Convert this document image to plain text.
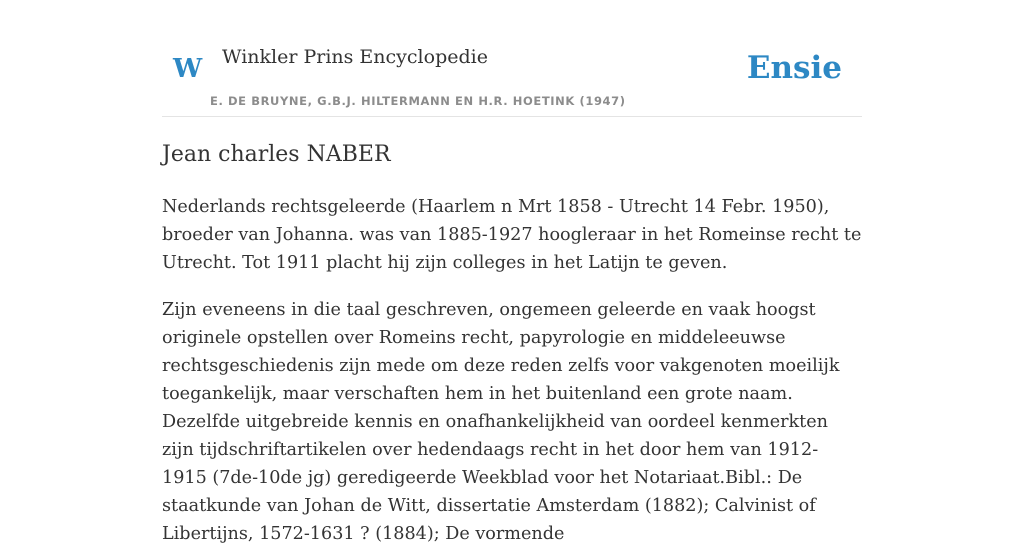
W Winkler Prins Encyclopedie
E. DE BRUYNE, G.B.J. HILTERMANN EN H.R. HOETINK (1947)
Ensie
Jean charles NABER

Nederlands rechtsgeleerde (Haarlem n Mrt 1858 - Utrecht 14 Febr. 1950), broeder van Johanna. was van 1885-1927 hoogleraar in het Romeinse recht te Utrecht. Tot 1911 placht hij zijn colleges in het Latijn te geven.

Zijn eveneens in die taal geschreven, ongemeen geleerde en vaak hoogst originele opstellen over Romeins recht, papyrologie en middeleeuwse rechtsgeschiedenis zijn mede om deze reden zelfs voor vakgenoten moeilijk toegankelijk, maar verschaften hem in het buitenland een grote naam. Dezelfde uitgebreide kennis en onafhankelijkheid van oordeel kenmerkten zijn tijdschriftartikelen over hedendaags recht in het door hem van 1912-1915 (7de-10de jg) geredigeerde Weekblad voor het Notariaat.Bibl.: De staatkunde van Johan de Witt, dissertatie Amsterdam (1882); Calvinist of Libertijns, 1572-1631 ? (1884); De vormende
